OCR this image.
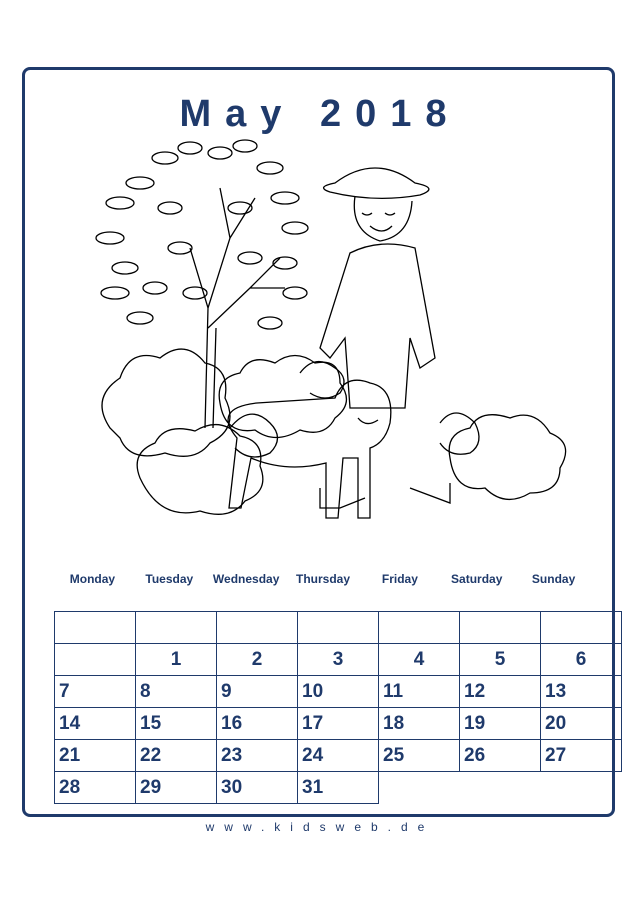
May 2018
Monday	Tuesday	Wednesday	Thursday	Friday	Saturday	Sunday

	1	2	3	4	5	6
7	8	9	10	11	12	13
14	15	16	17	18	19	20
21	22	23	24	25	26	27
28	29	30	31			
www.kidsweb.de
